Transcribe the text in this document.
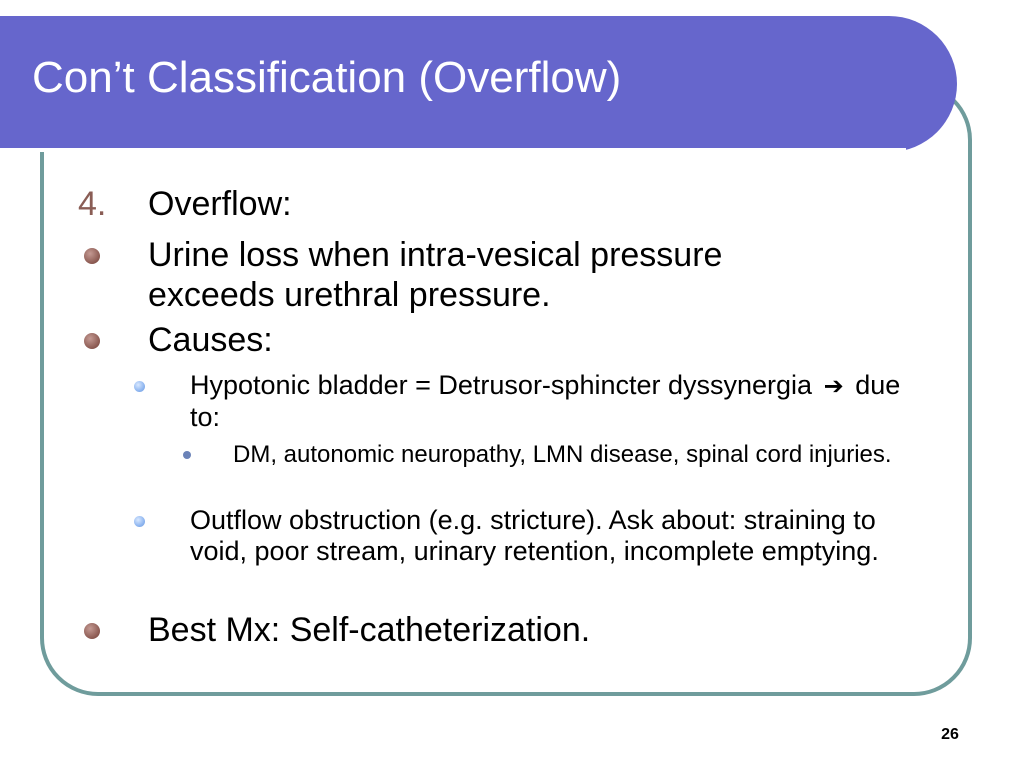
Con’t Classification (Overflow)
4. Overflow:

Urine loss when intra-vesical pressure exceeds urethral pressure.

Causes:

Hypotonic bladder = Detrusor-sphincter dyssynergia ➔ due to:

DM, autonomic neuropathy, LMN disease, spinal cord injuries.

Outflow obstruction (e.g. stricture). Ask about: straining to void, poor stream, urinary retention, incomplete emptying.

Best Mx: Self-catheterization.

26
